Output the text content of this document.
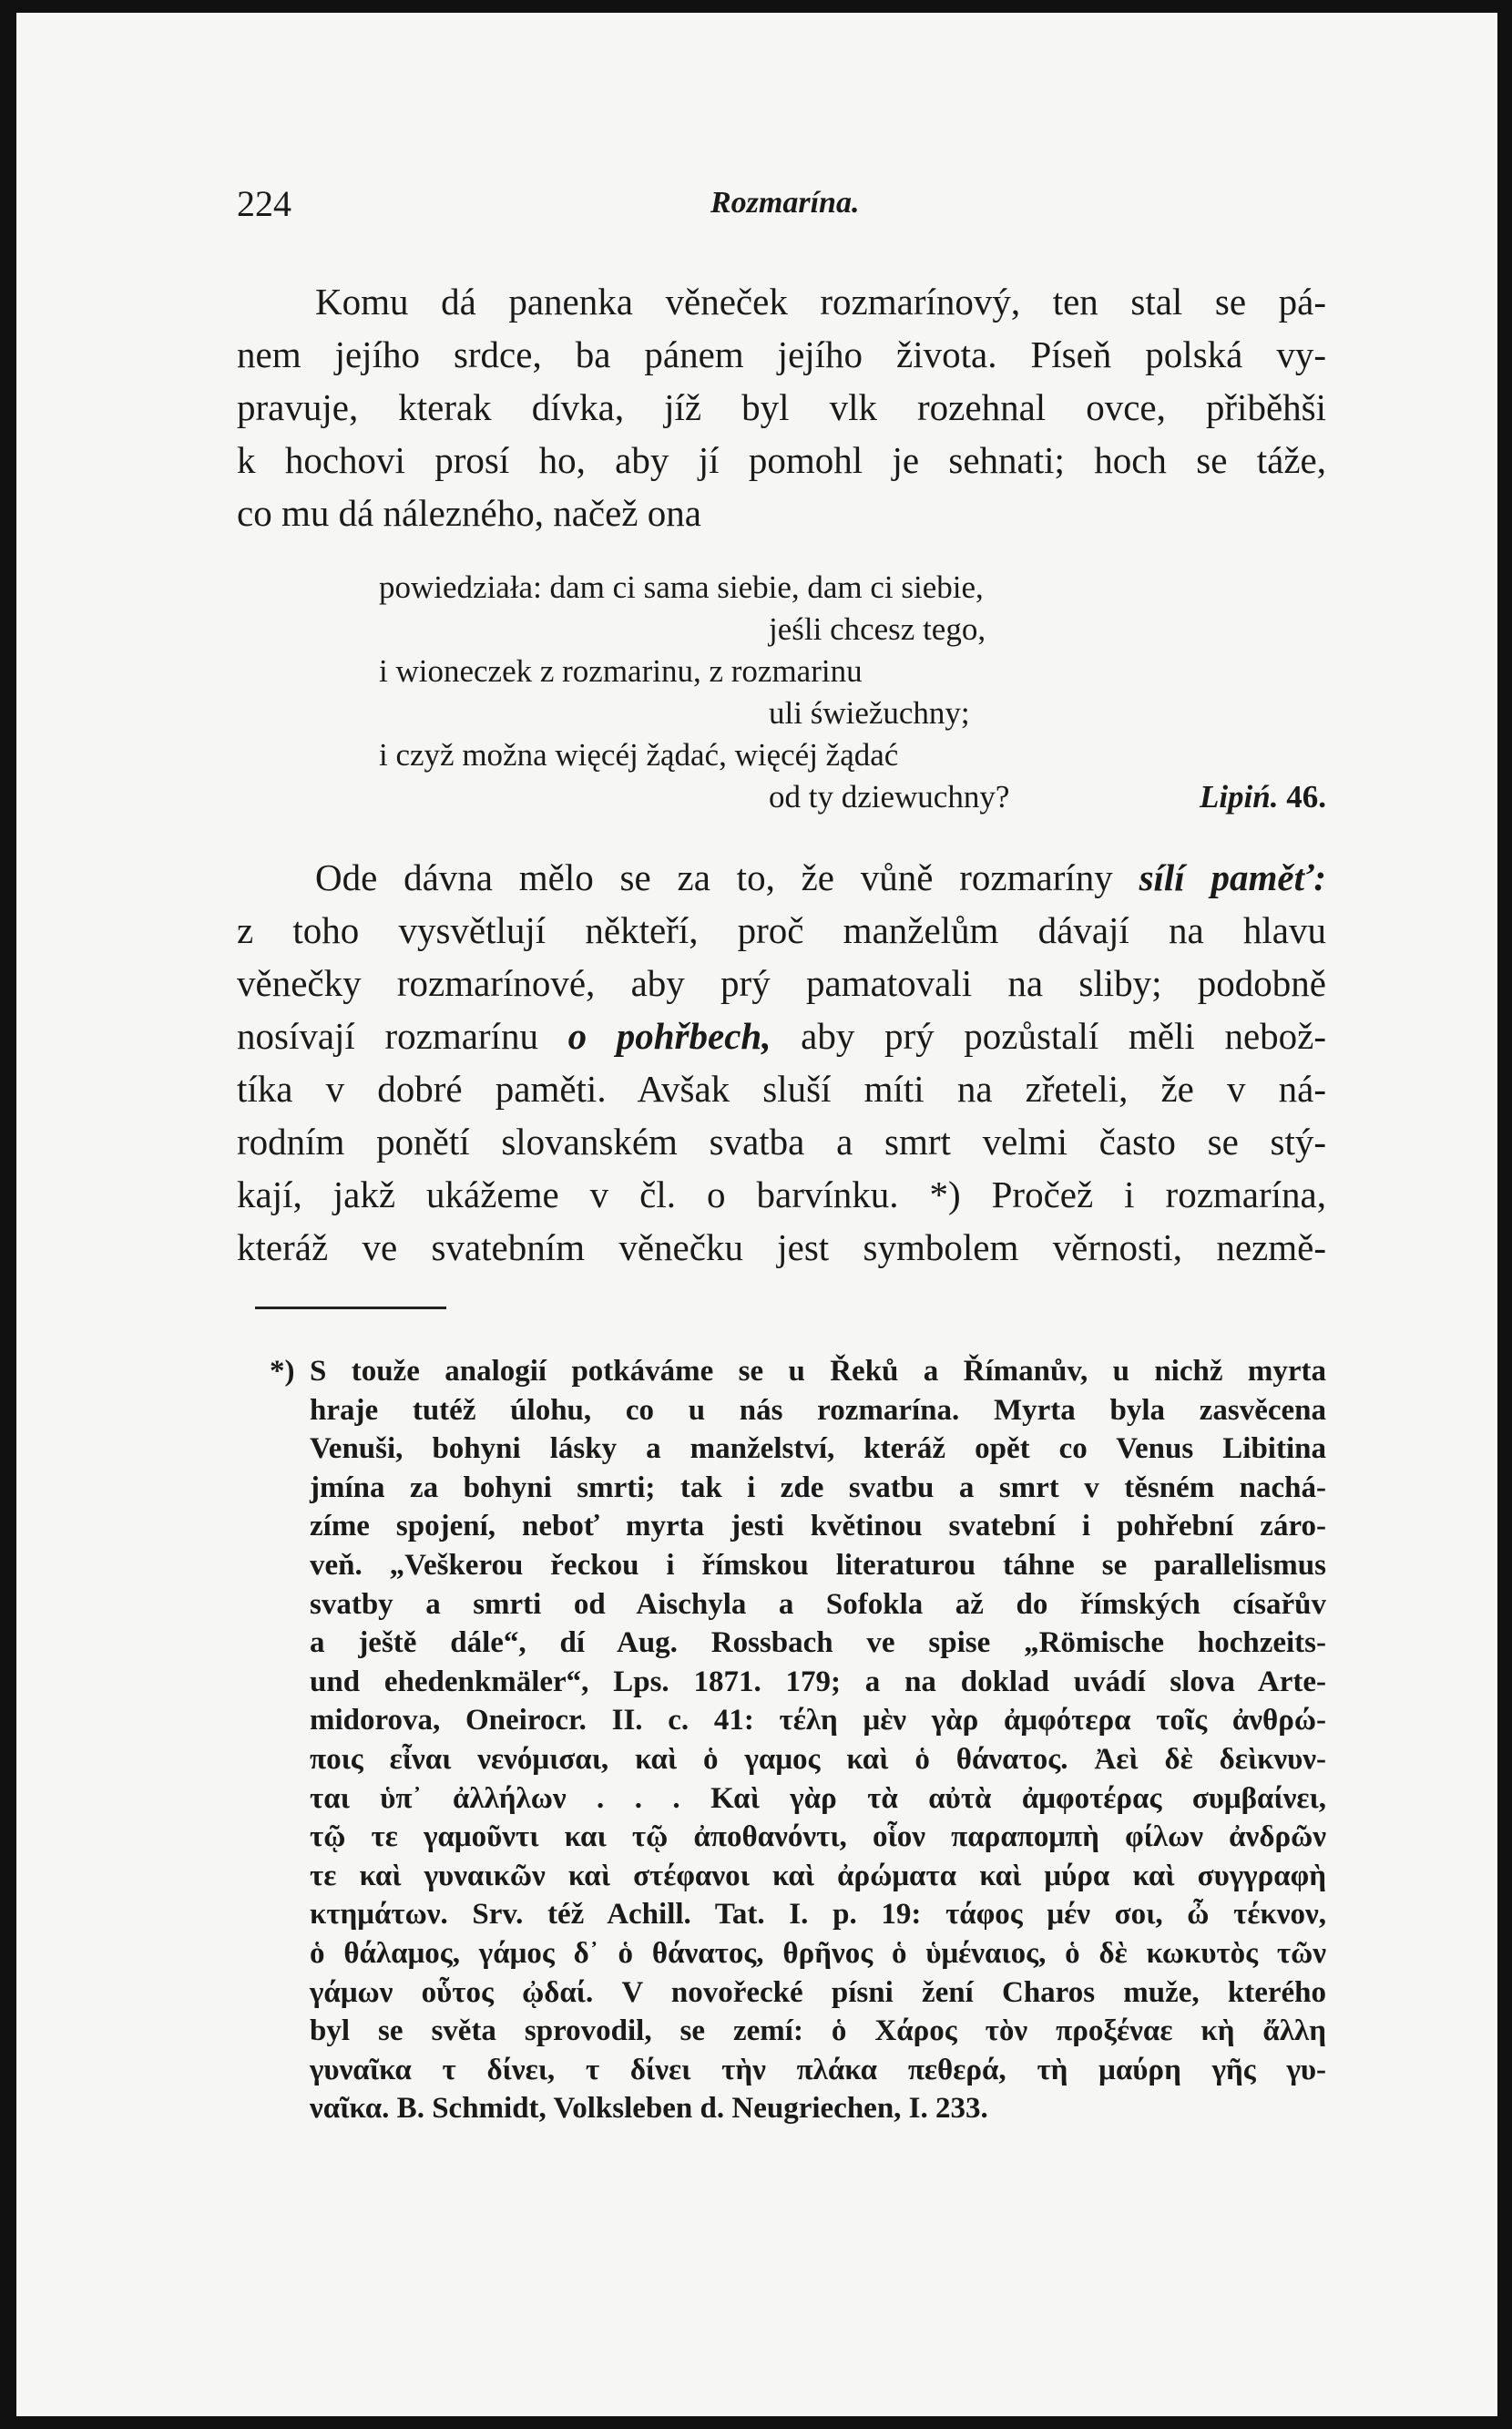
224	Rozmarína.
Komu dá panenka věneček rozmarínový, ten stal se pá-
nem jejího srdce, ba pánem jejího života. Píseň polská vy-
pravuje, kterak dívka, jíž byl vlk rozehnal ovce, přiběhši
k hochovi prosí ho, aby jí pomohl je sehnati; hoch se táže,
co mu dá nálezného, načež ona
powiedziała: dam ci sama siebie, dam ci siebie,
jeśli chcesz tego,
i wioneczek z rozmarinu, z rozmarinu
uli świežuchny;
i czyž možna więcéj žądać, więcéj žądać
od ty dziewuchny?	Lipiń. 46.
Ode dávna mělo se za to, že vůně rozmaríny sílí paměť:
z toho vysvětlují někteří, proč manželům dávají na hlavu
věnečky rozmarínové, aby prý pamatovali na sliby; podobně
nosívají rozmarínu o pohřbech, aby prý pozůstalí měli nebož-
tíka v dobré paměti. Avšak sluší míti na zřeteli, že v ná-
rodním ponětí slovanském svatba a smrt velmi často se stý-
kají, jakž ukážeme v čl. o barvínku. *) Pročež i rozmarína,
kteráž ve svatebním věnečku jest symbolem věrnosti, nezmě-
*) S touže analogií potkáváme se u Řeků a Římanův, u nichž myrta
hraje tutéž úlohu, co u nás rozmarína. Myrta byla zasvěcena
Venuši, bohyni lásky a manželství, kteráž opět co Venus Libitina
jmína za bohyni smrti; tak i zde svatbu a smrt v těsném nachá-
zíme spojení, neboť myrta jesti květinou svatební i pohřební záro-
veň. „Veškerou řeckou i římskou literaturou táhne se parallelismus
svatby a smrti od Aischyla a Sofokla až do římských císařův
a ještě dále“, dí Aug. Rossbach ve spise „Römische hochzeits-
und ehedenkmäler“, Lps. 1871. 179; a na doklad uvádí slova Arte-
midorova, Oneirocr. II. c. 41: τέλη μὲν γὰρ ἀμφότερα τοῖς ἀνθρώ-
ποις εἶναι νενόμισαι, καὶ ὁ γαμος καὶ ὁ θάνατος. Ἀεὶ δὲ δεὶκνυν-
ται ὑπ᾽ ἀλλήλων . . . Καὶ γὰρ τὰ αὐτὰ ἀμφοτέρας συμβαίνει,
τῷ τε γαμοῦντι και τῷ ἀποθανόντι, οἷον παραπομπὴ φίλων ἀνδρῶν
τε καὶ γυναικῶν καὶ στέφανοι καὶ ἀρώματα καὶ μύρα καὶ συγγραφὴ
κτημάτων. Srv. též Achill. Tat. I. p. 19: τάφος μέν σοι, ὦ τέκνον,
ὁ θάλαμος, γάμος δ᾽ ὁ θάνατος, θρῆνος ὁ ὑμέναιος, ὁ δὲ κωκυτὸς τῶν
γάμων οὗτος ᾠδαί. V novořecké písni žení Charos muže, kterého
byl se světa sprovodil, se zemí: ὁ Χάρος τὸν προξέναε κὴ ἄλλη
γυναῖκα τ δίνει, τ δίνει τὴν πλάκα πεθερά, τὴ μαύρη γῆς γυ-
ναῖκα. B. Schmidt, Volksleben d. Neugriechen, I. 233.
